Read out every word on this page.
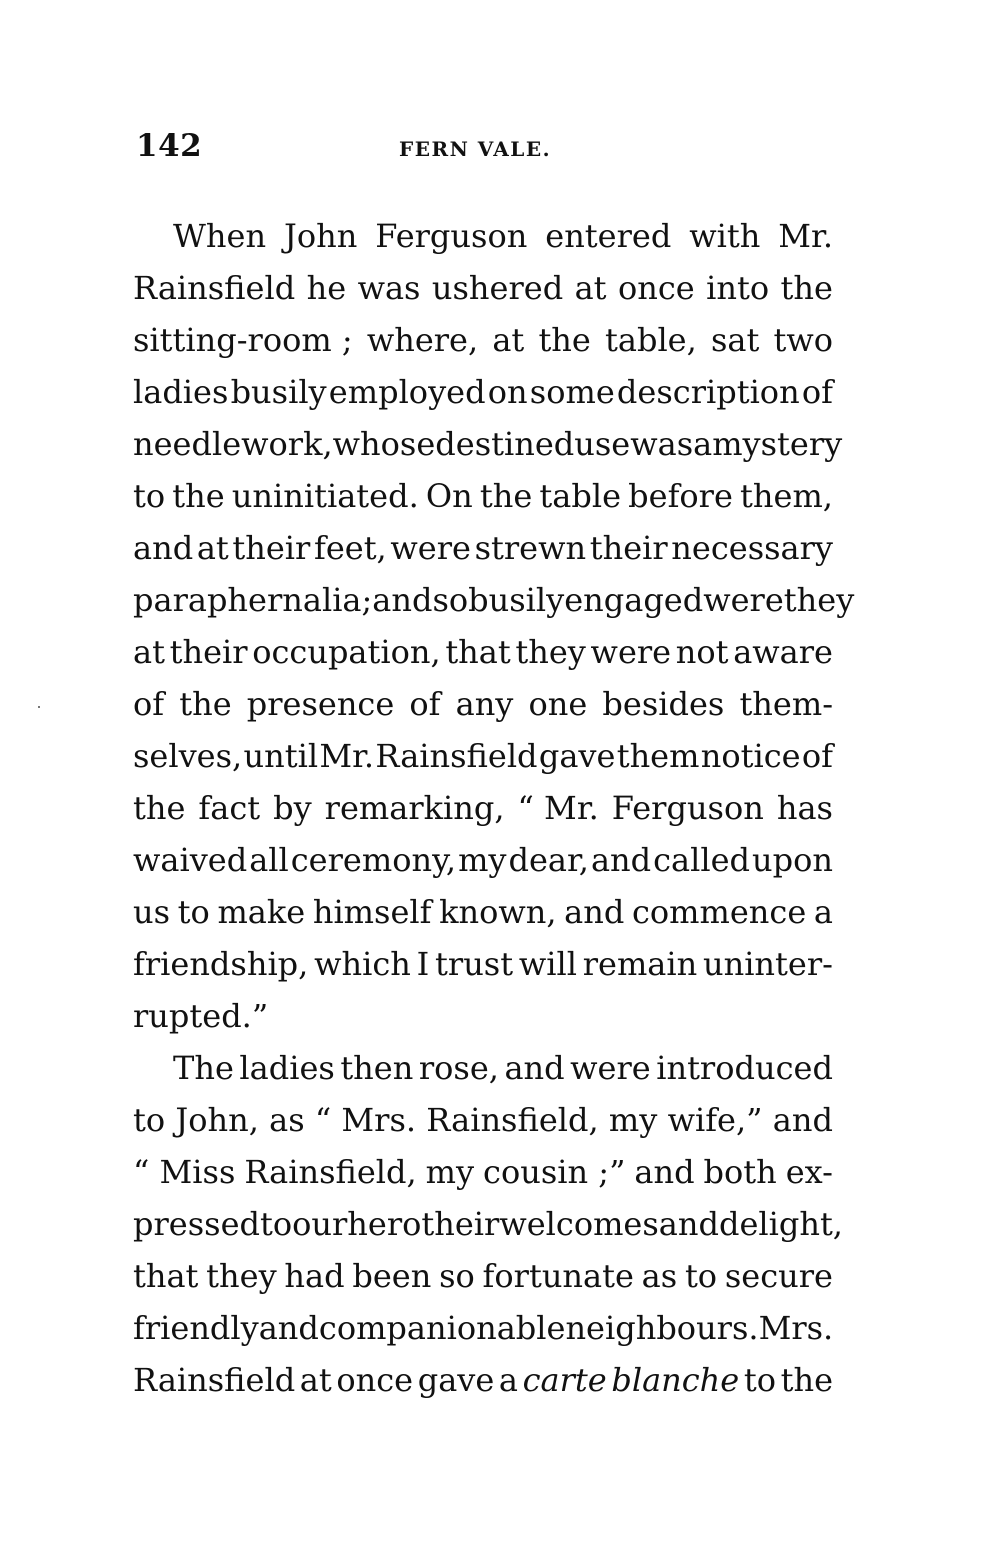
142	FERN VALE.
When John Ferguson entered with Mr.
Rainsfield he was ushered at once into the
sitting-room ; where, at the table, sat two
ladies busily employed on some description of
needlework, whose destined use was a mystery
to the uninitiated. On the table before them,
and at their feet, were strewn their necessary
paraphernalia; and so busily engaged were they
at their occupation, that they were not aware
of the presence of any one besides them-
selves, until Mr. Rainsfield gave them notice of
the fact by remarking, “ Mr. Ferguson has
waived all ceremony, my dear, and called upon
us to make himself known, and commence a
friendship, which I trust will remain uninter-
rupted.”
The ladies then rose, and were introduced
to John, as “ Mrs. Rainsfield, my wife,” and
“ Miss Rainsfield, my cousin ;” and both ex-
pressed to our hero their welcomes and delight,
that they had been so fortunate as to secure
friendly and companionable neighbours. Mrs.
Rainsfield at once gave a carte blanche to the
